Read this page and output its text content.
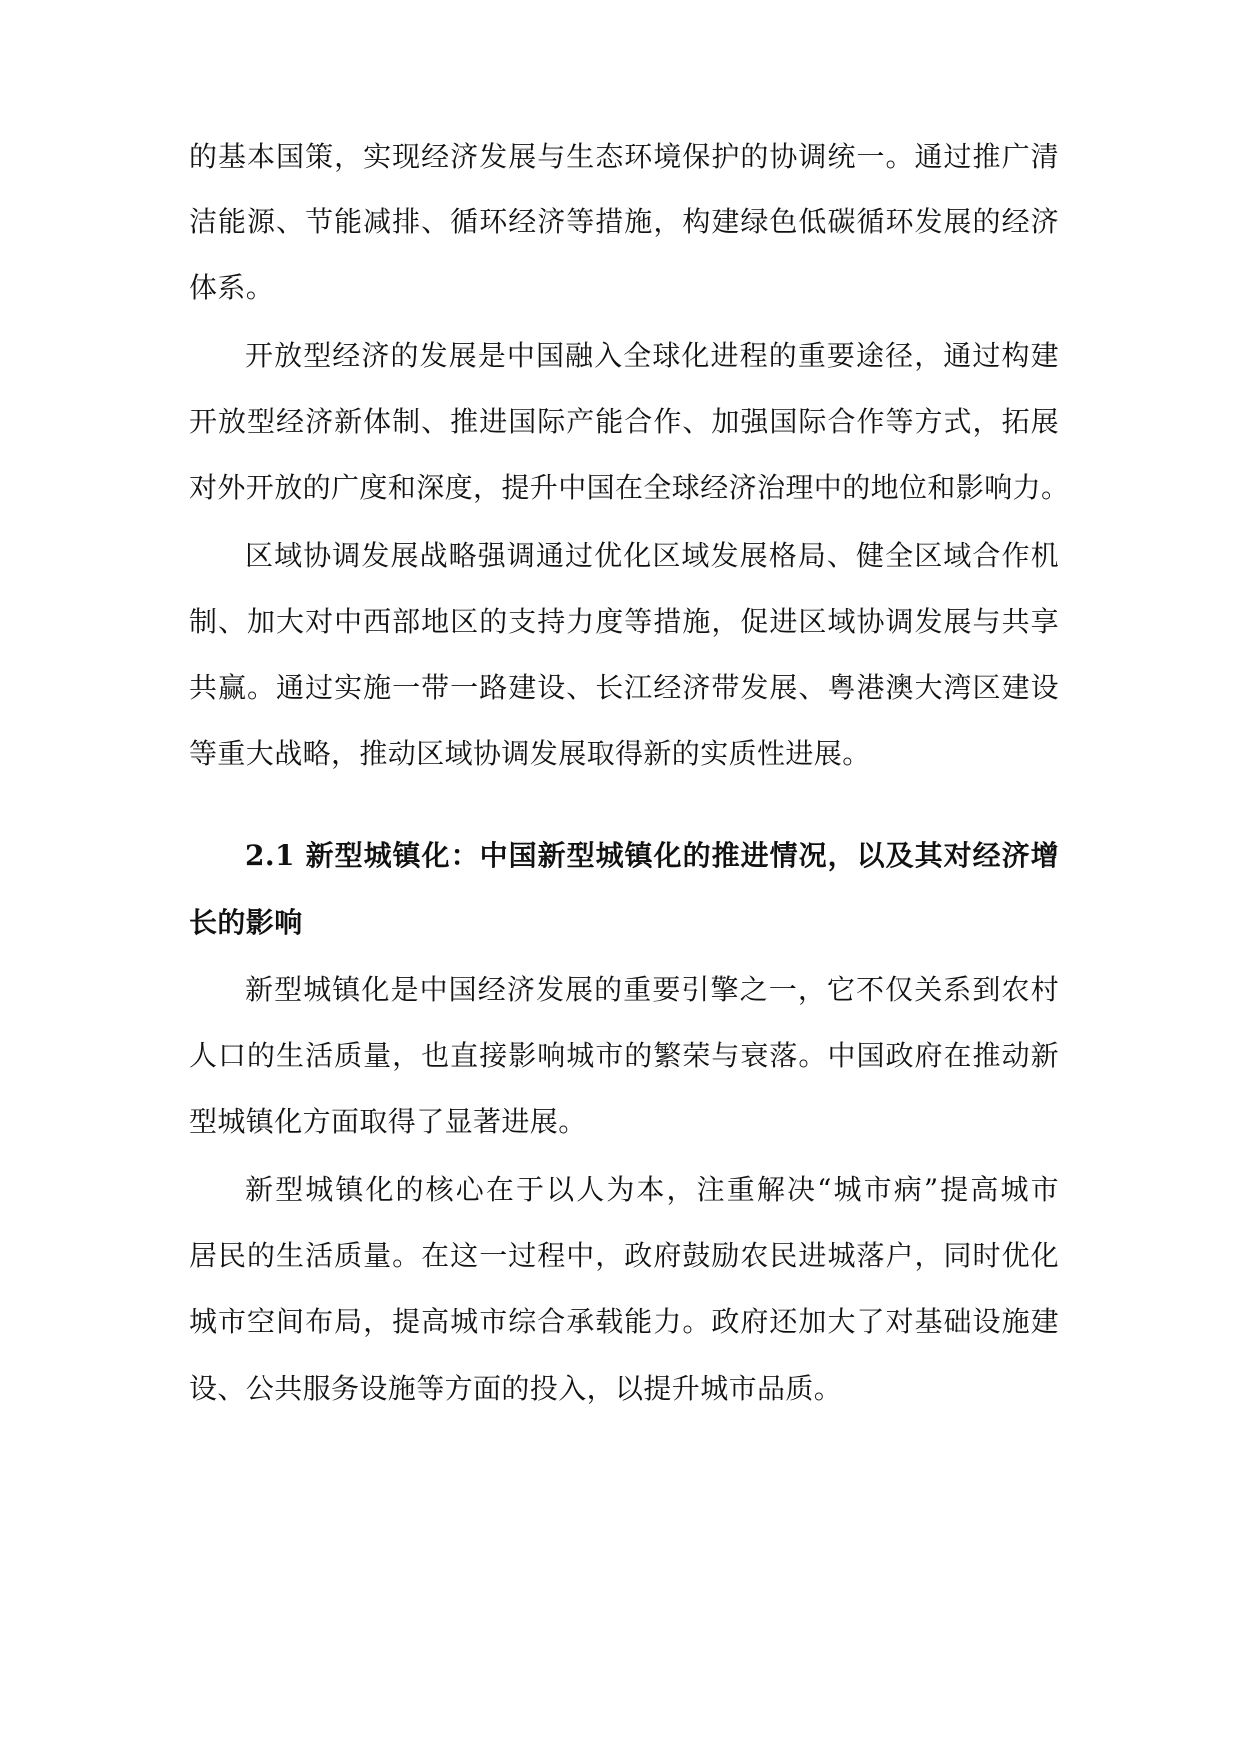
的基本国策，实现经济发展与生态环境保护的协调统一。通过推广清
洁能源、节能减排、循环经济等措施，构建绿色低碳循环发展的经济
体系。
开放型经济的发展是中国融入全球化进程的重要途径，通过构建
开放型经济新体制、推进国际产能合作、加强国际合作等方式，拓展
对外开放的广度和深度，提升中国在全球经济治理中的地位和影响力。
区域协调发展战略强调通过优化区域发展格局、健全区域合作机
制、加大对中西部地区的支持力度等措施，促进区域协调发展与共享
共赢。通过实施一带一路建设、长江经济带发展、粤港澳大湾区建设
等重大战略，推动区域协调发展取得新的实质性进展。
2.1 新型城镇化：中国新型城镇化的推进情况，以及其对经济增
长的影响
新型城镇化是中国经济发展的重要引擎之一，它不仅关系到农村
人口的生活质量，也直接影响城市的繁荣与衰落。中国政府在推动新
型城镇化方面取得了显著进展。
新型城镇化的核心在于以人为本，注重解决“城市病”提高城市
居民的生活质量。在这一过程中，政府鼓励农民进城落户，同时优化
城市空间布局，提高城市综合承载能力。政府还加大了对基础设施建
设、公共服务设施等方面的投入，以提升城市品质。
